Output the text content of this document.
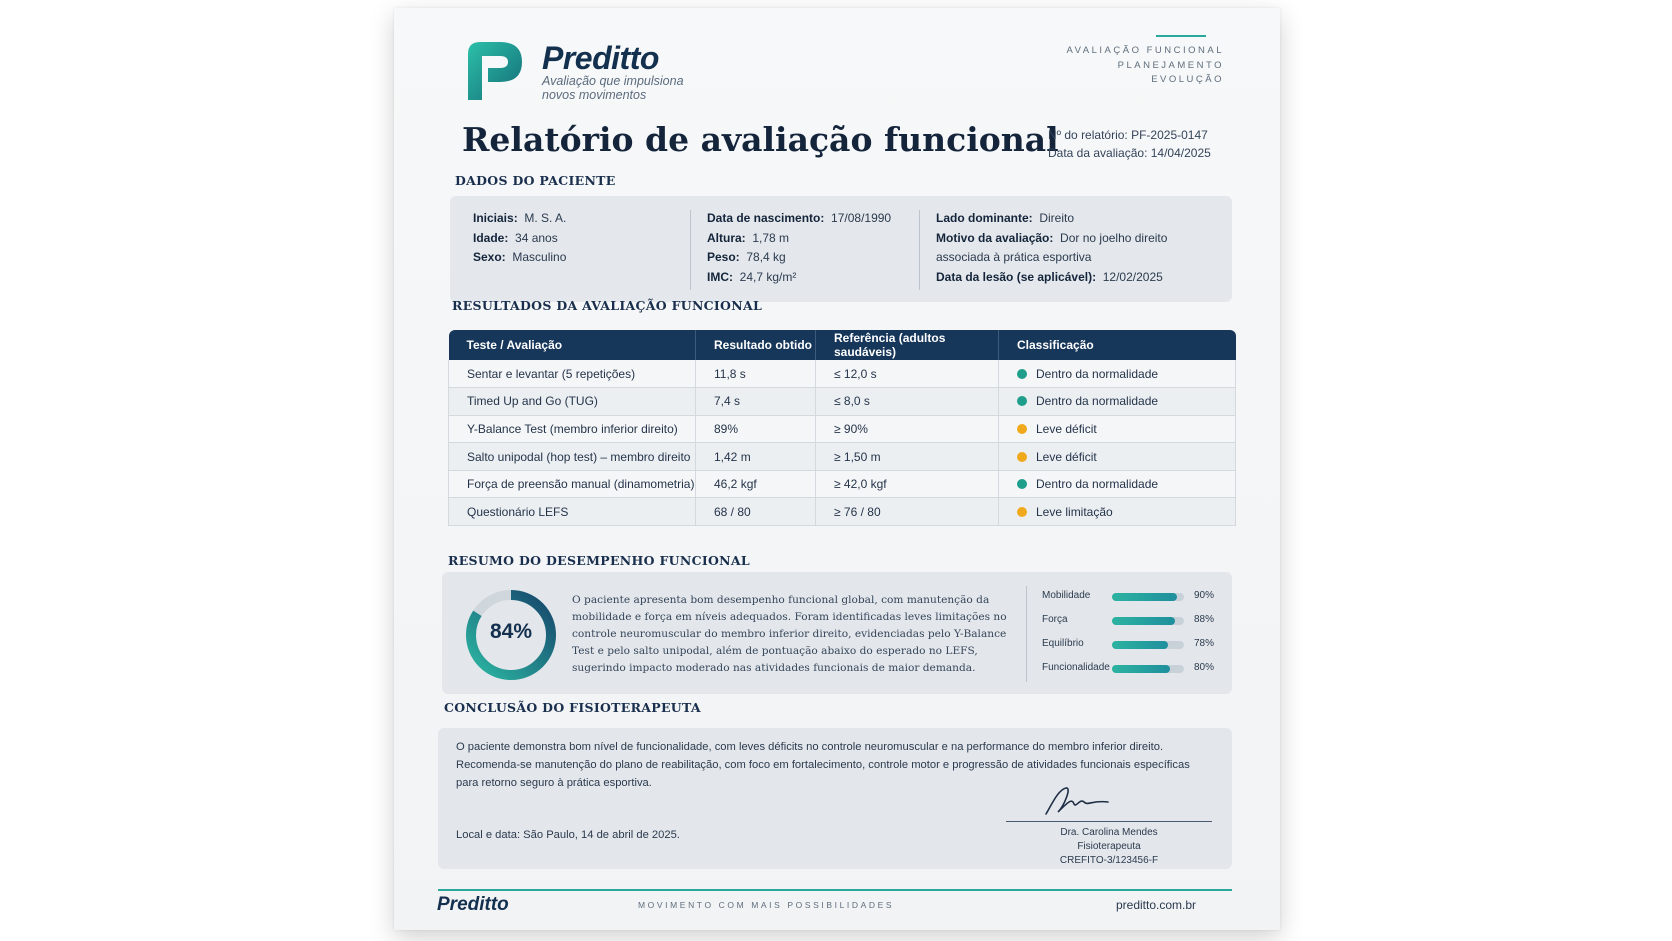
Preditto
Avaliação que impulsiona
novos movimentos
AVALIAÇÃO FUNCIONAL
PLANEJAMENTO
EVOLUÇÃO
Relatório de avaliação funcional
Nº do relatório: PF-2025-0147
Data da avaliação: 14/04/2025
DADOS DO PACIENTE
Iniciais: M. S. A.
Idade: 34 anos
Sexo: Masculino
Data de nascimento: 17/08/1990
Altura: 1,78 m
Peso: 78,4 kg
IMC: 24,7 kg/m²
Lado dominante: Direito
Motivo da avaliação: Dor no joelho direito
associada à prática esportiva
Data da lesão (se aplicável): 12/02/2025
RESULTADOS DA AVALIAÇÃO FUNCIONAL
Teste / Avaliação	Resultado obtido	Referência (adultos saudáveis)	Classificação
Sentar e levantar (5 repetições)	11,8 s	≤ 12,0 s	Dentro da normalidade
Timed Up and Go (TUG)	7,4 s	≤ 8,0 s	Dentro da normalidade
Y-Balance Test (membro inferior direito)	89%	≥ 90%	Leve déficit
Salto unipodal (hop test) – membro direito	1,42 m	≥ 1,50 m	Leve déficit
Força de preensão manual (dinamometria)	46,2 kgf	≥ 42,0 kgf	Dentro da normalidade
Questionário LEFS	68 / 80	≥ 76 / 80	Leve limitação
RESUMO DO DESEMPENHO FUNCIONAL
84%
O paciente apresenta bom desempenho funcional global, com manutenção da mobilidade e força em níveis adequados. Foram identificadas leves limitações no controle neuromuscular do membro inferior direito, evidenciadas pelo Y-Balance Test e pelo salto unipodal, além de pontuação abaixo do esperado no LEFS, sugerindo impacto moderado nas atividades funcionais de maior demanda.
Mobilidade	90%
Força	88%
Equilíbrio	78%
Funcionalidade	80%
CONCLUSÃO DO FISIOTERAPEUTA
O paciente demonstra bom nível de funcionalidade, com leves déficits no controle neuromuscular e na performance do membro inferior direito. Recomenda-se manutenção do plano de reabilitação, com foco em fortalecimento, controle motor e progressão de atividades funcionais específicas para retorno seguro à prática esportiva.
Local e data: São Paulo, 14 de abril de 2025.	Dra. Carolina Mendes
Fisioterapeuta
CREFITO-3/123456-F
Preditto	MOVIMENTO COM MAIS POSSIBILIDADES	preditto.com.br
